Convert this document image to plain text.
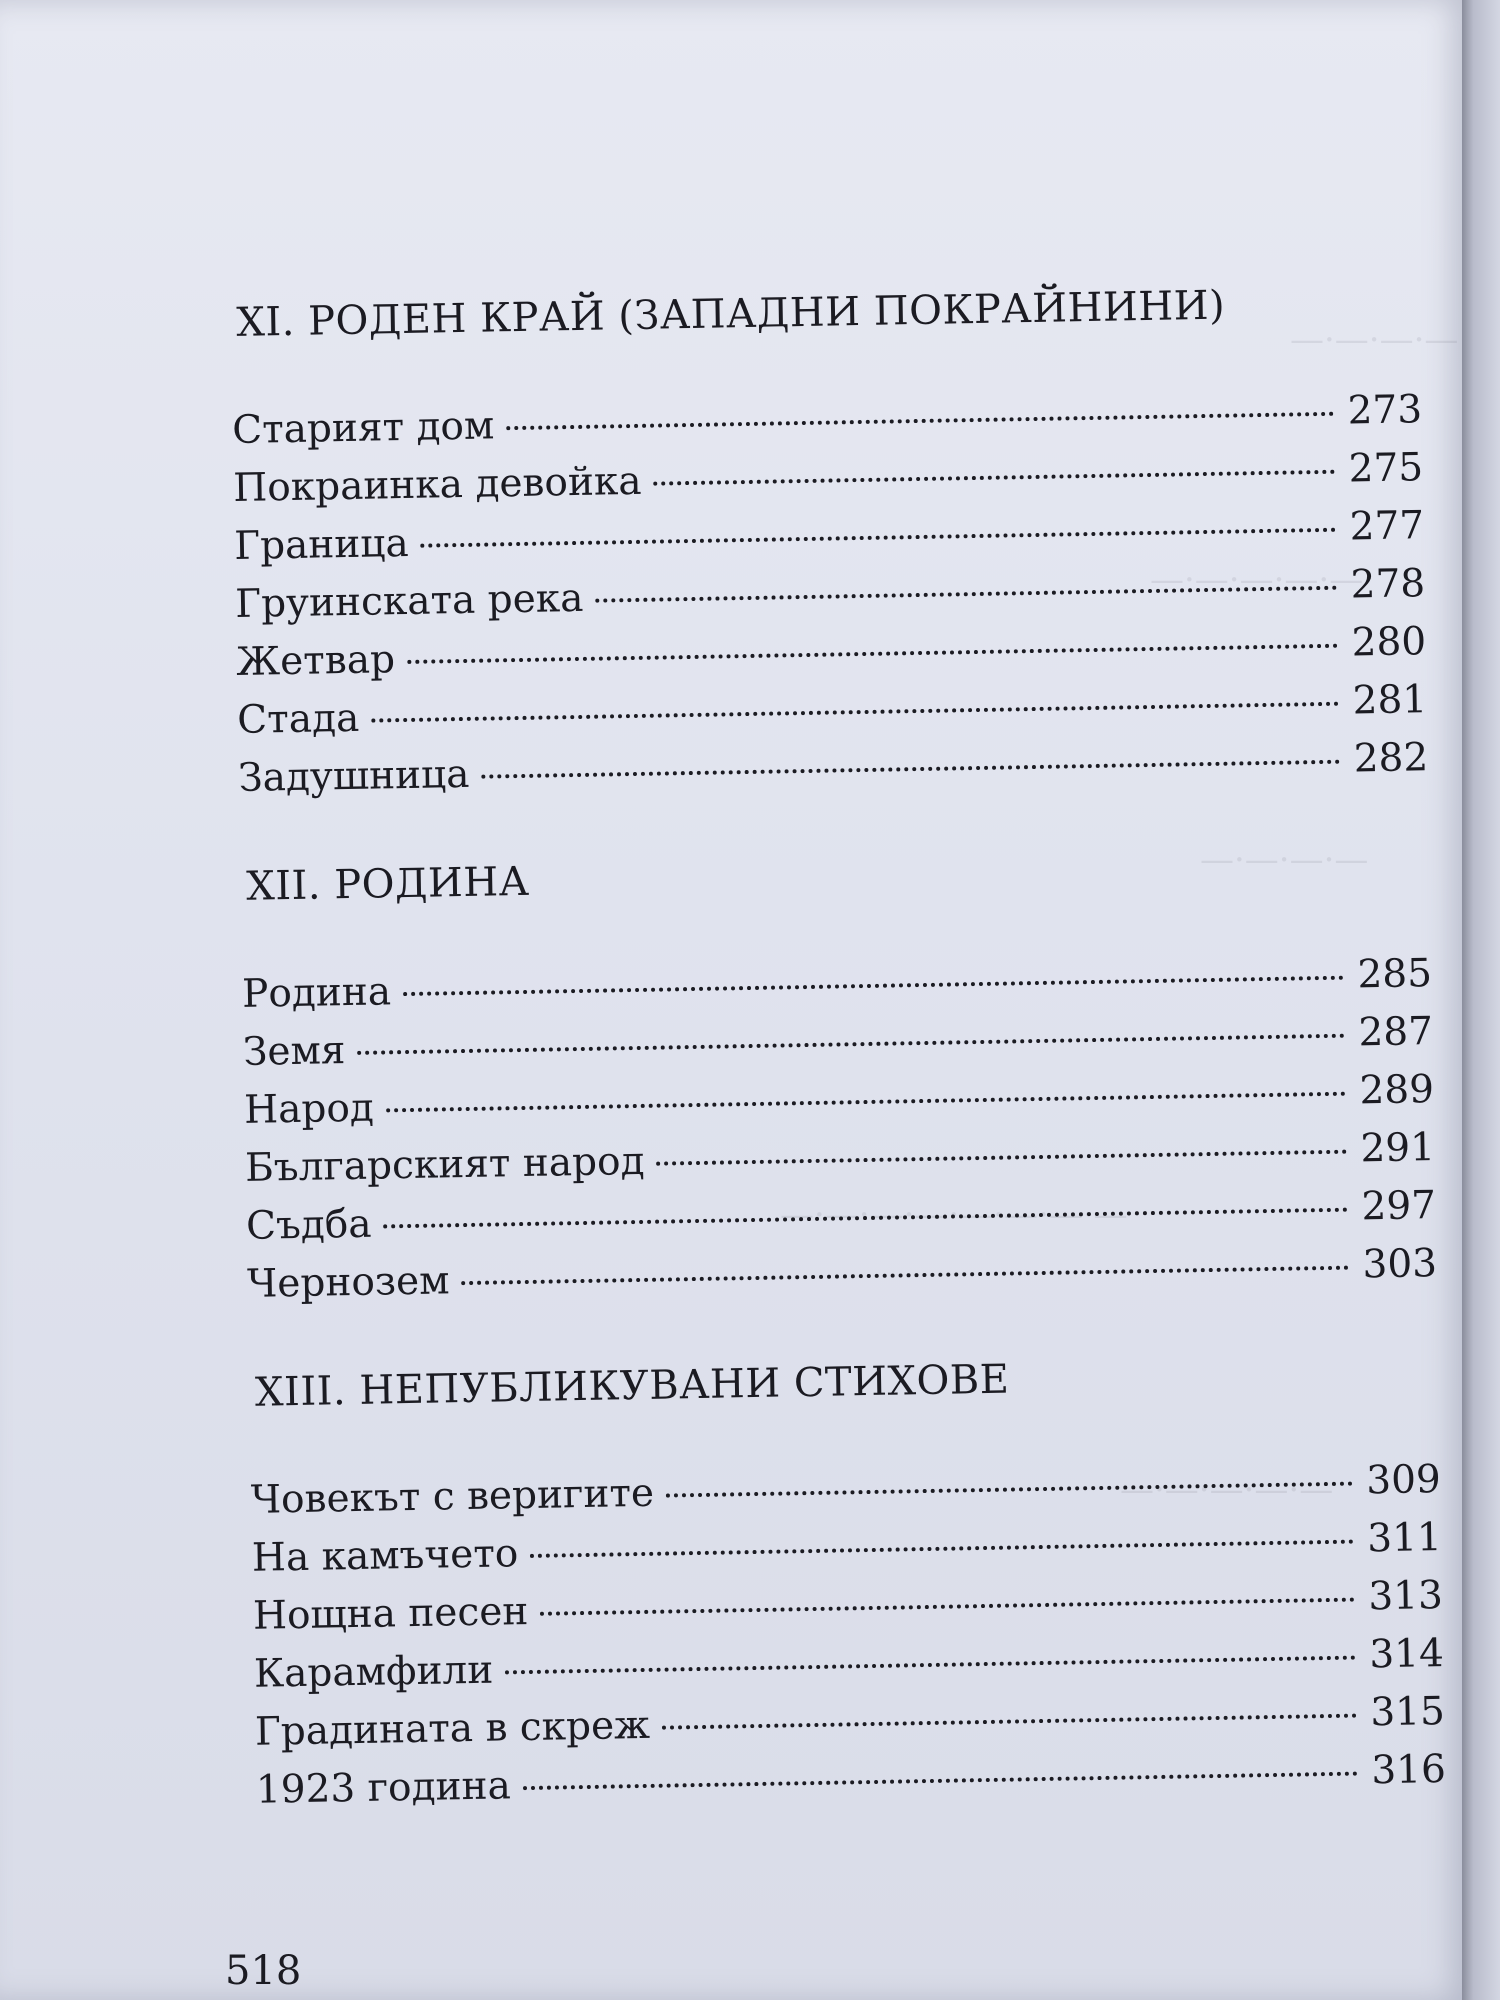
—·—·—·—
—·—·—·—·—
—·—·—·—
—·—·—·—·—·—·—·—
—·—·—·—·—
XI. РОДЕН КРАЙ (ЗАПАДНИ ПОКРАЙНИНИ)
Старият дом	273
Покраинка девойка	275
Граница	277
Груинската река	278
Жетвар	280
Стада	281
Задушница	282
XII. РОДИНА
Родина	285
Земя	287
Народ	289
Българският народ	291
Съдба	297
Чернозем	303
XIII. НЕПУБЛИКУВАНИ СТИХОВЕ
Човекът с веригите	309
На камъчето	311
Нощна песен	313
Карамфили	314
Градината в скреж	315
1923 година	316
518
